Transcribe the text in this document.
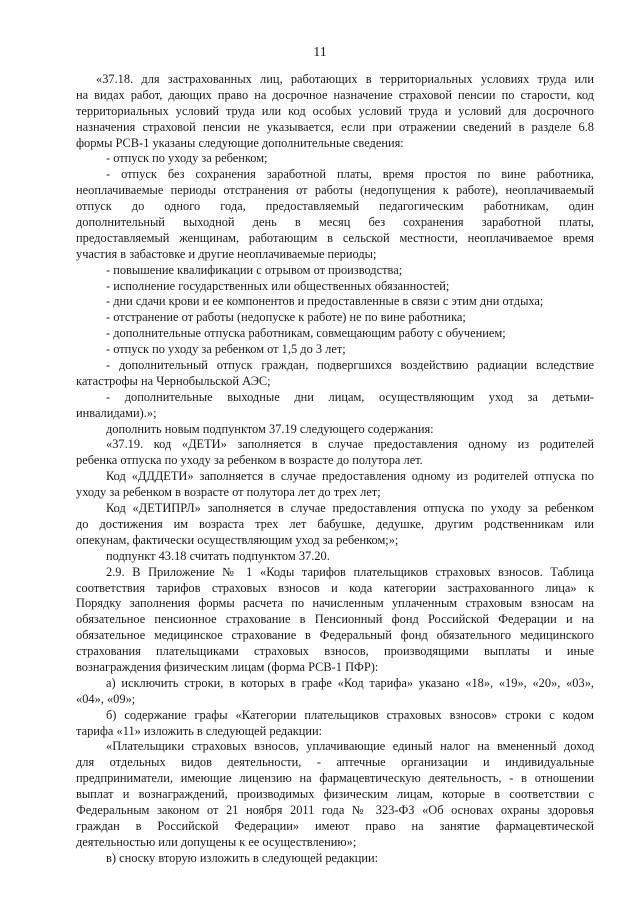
11
«37.18. для застрахованных лиц, работающих в территориальных условиях труда или
на видах работ, дающих право на досрочное назначение страховой пенсии по старости, код
территориальных условий труда или код особых условий труда и условий для досрочного
назначения страховой пенсии не указывается, если при отражении сведений в разделе 6.8
формы РСВ-1 указаны следующие дополнительные сведения:
- отпуск по уходу за ребенком;
- отпуск без сохранения заработной платы, время простоя по вине работника,
неоплачиваемые периоды отстранения от работы (недопущения к работе), неоплачиваемый
отпуск до одного года, предоставляемый педагогическим работникам, один
дополнительный выходной день в месяц без сохранения заработной платы,
предоставляемый женщинам, работающим в сельской местности, неоплачиваемое время
участия в забастовке и другие неоплачиваемые периоды;
- повышение квалификации с отрывом от производства;
- исполнение государственных или общественных обязанностей;
- дни сдачи крови и ее компонентов и предоставленные в связи с этим дни отдыха;
- отстранение от работы (недопуске к работе) не по вине работника;
- дополнительные отпуска работникам, совмещающим работу с обучением;
- отпуск по уходу за ребенком от 1,5 до 3 лет;
- дополнительный отпуск граждан, подвергшихся воздействию радиации вследствие
катастрофы на Чернобыльской АЭС;
- дополнительные выходные дни лицам, осуществляющим уход за детьми-
инвалидами).»;
дополнить новым подпунктом 37.19 следующего содержания:
«37.19. код «ДЕТИ» заполняется в случае предоставления одному из родителей
ребенка отпуска по уходу за ребенком в возрасте до полутора лет.
Код «ДДДЕТИ» заполняется в случае предоставления одному из родителей отпуска по
уходу за ребенком в возрасте от полутора лет до трех лет;
Код «ДЕТИПРЛ» заполняется в случае предоставления отпуска по уходу за ребенком
до достижения им возраста трех лет бабушке, дедушке, другим родственникам или
опекунам, фактически осуществляющим уход за ребенком;»;
подпункт 43.18 считать подпунктом 37.20.
2.9. В Приложение № 1 «Коды тарифов плательщиков страховых взносов. Таблица
соответствия тарифов страховых взносов и кода категории застрахованного лица» к
Порядку заполнения формы расчета по начисленным уплаченным страховым взносам на
обязательное пенсионное страхование в Пенсионный фонд Российской Федерации и на
обязательное медицинское страхование в Федеральный фонд обязательного медицинского
страхования плательщиками страховых взносов, производящими выплаты и иные
вознаграждения физическим лицам (форма РСВ-1 ПФР):
а) исключить строки, в которых в графе «Код тарифа» указано «18», «19», «20», «03»,
«04», «09»;
б) содержание графы «Категории плательщиков страховых взносов» строки с кодом
тарифа «11» изложить в следующей редакции:
«Плательщики страховых взносов, уплачивающие единый налог на вмененный доход
для отдельных видов деятельности, - аптечные организации и индивидуальные
предприниматели, имеющие лицензию на фармацевтическую деятельность, - в отношении
выплат и вознаграждений, производимых физическим лицам, которые в соответствии с
Федеральным законом от 21 ноября 2011 года № 323-ФЗ «Об основах охраны здоровья
граждан в Российской Федерации» имеют право на занятие фармацевтической
деятельностью или допущены к ее осуществлению»;
в) сноску вторую изложить в следующей редакции:
